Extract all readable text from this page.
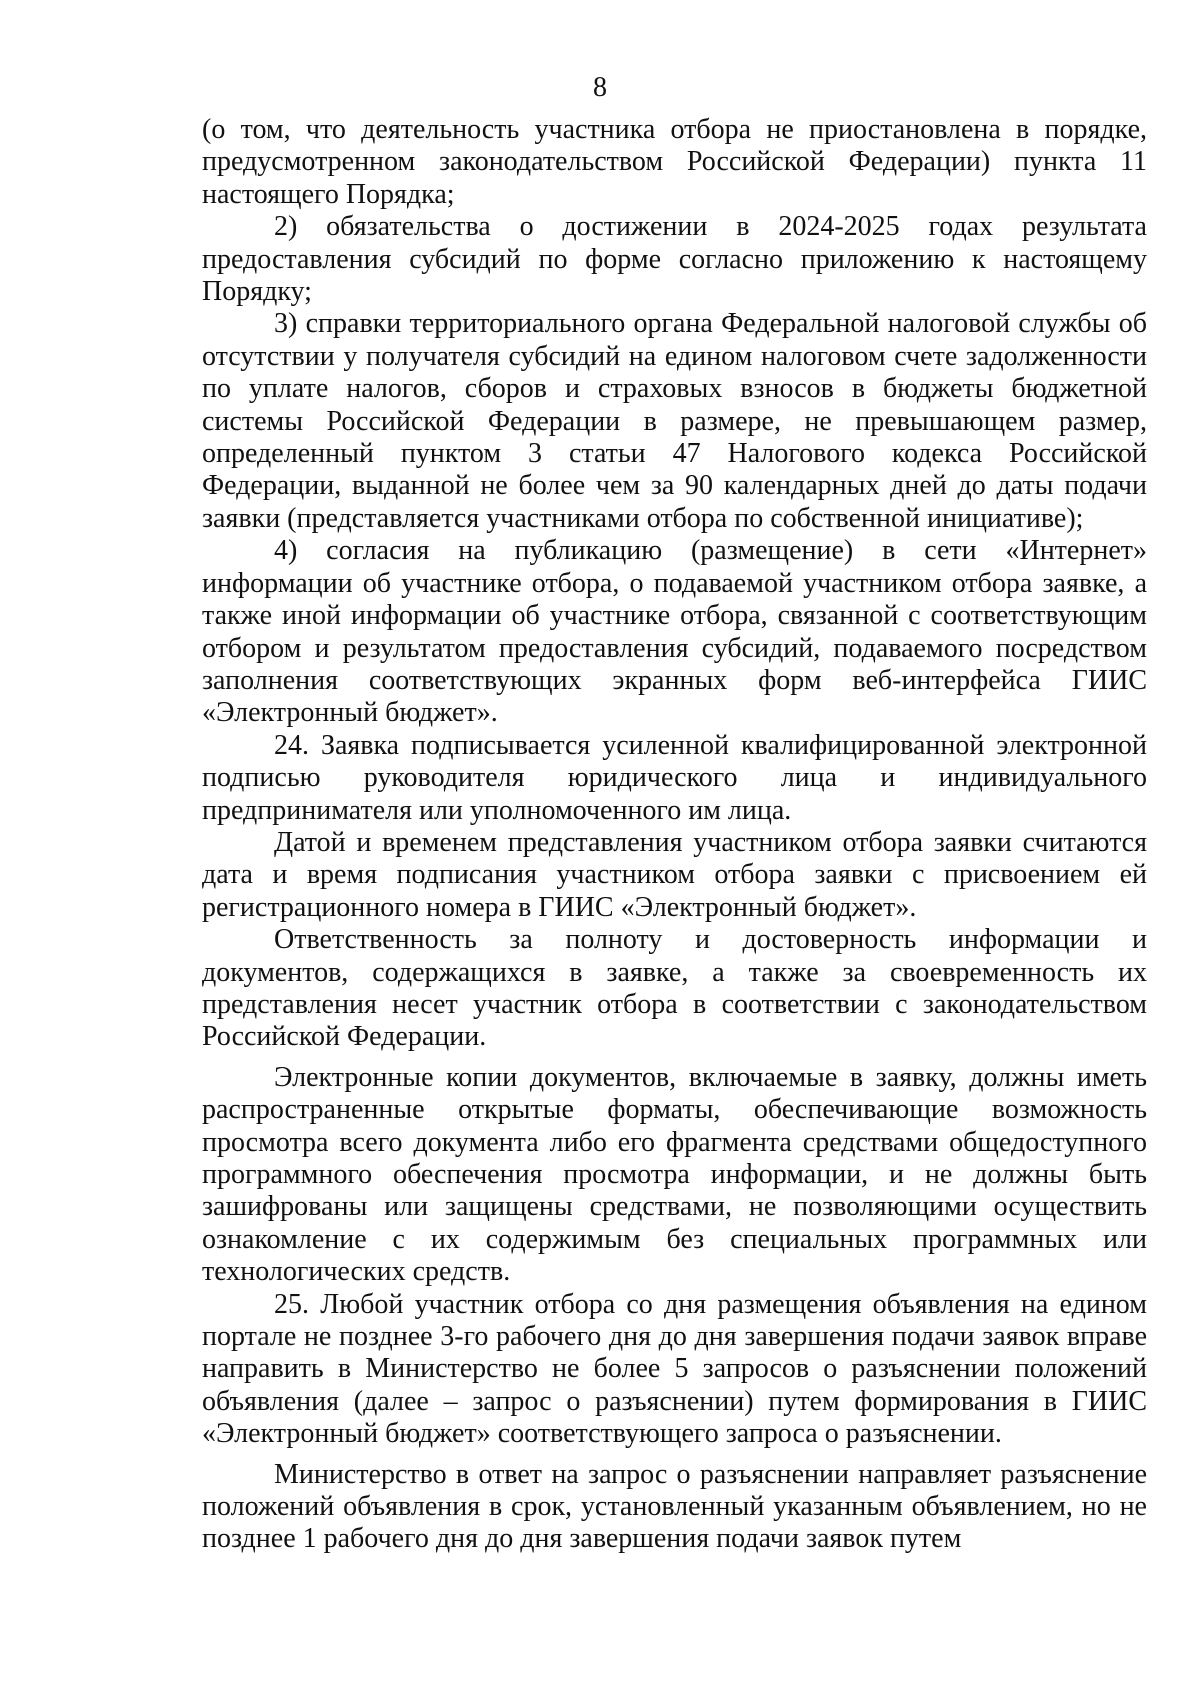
8

(о том, что деятельность участника отбора не приостановлена в порядке, предусмотренном законодательством Российской Федерации) пункта 11 настоящего Порядка;

2) обязательства о достижении в 2024-2025 годах результата предоставления субсидий по форме согласно приложению к настоящему Порядку;

3) справки территориального органа Федеральной налоговой службы об отсутствии у получателя субсидий на едином налоговом счете задолженности по уплате налогов, сборов и страховых взносов в бюджеты бюджетной системы Российской Федерации в размере, не превышающем размер, определенный пунктом 3 статьи 47 Налогового кодекса Российской Федерации, выданной не более чем за 90 календарных дней до даты подачи заявки (представляется участниками отбора по собственной инициативе);

4) согласия на публикацию (размещение) в сети «Интернет» информации об участнике отбора, о подаваемой участником отбора заявке, а также иной информации об участнике отбора, связанной с соответствующим отбором и результатом предоставления субсидий, подаваемого посредством заполнения соответствующих экранных форм веб-интерфейса ГИИС «Электронный бюджет».

24. Заявка подписывается усиленной квалифицированной электронной подписью руководителя юридического лица и индивидуального предпринимателя или уполномоченного им лица.

Датой и временем представления участником отбора заявки считаются дата и время подписания участником отбора заявки с присвоением ей регистрационного номера в ГИИС «Электронный бюджет».

Ответственность за полноту и достоверность информации и документов, содержащихся в заявке, а также за своевременность их представления несет участник отбора в соответствии с законодательством Российской Федерации.

Электронные копии документов, включаемые в заявку, должны иметь распространенные открытые форматы, обеспечивающие возможность просмотра всего документа либо его фрагмента средствами общедоступного программного обеспечения просмотра информации, и не должны быть зашифрованы или защищены средствами, не позволяющими осуществить ознакомление с их содержимым без специальных программных или технологических средств.

25. Любой участник отбора со дня размещения объявления на едином портале не позднее 3-го рабочего дня до дня завершения подачи заявок вправе направить в Министерство не более 5 запросов о разъяснении положений объявления (далее – запрос о разъяснении) путем формирования в ГИИС «Электронный бюджет» соответствующего запроса о разъяснении.

Министерство в ответ на запрос о разъяснении направляет разъяснение положений объявления в срок, установленный указанным объявлением, но не позднее 1 рабочего дня до дня завершения подачи заявок путем
